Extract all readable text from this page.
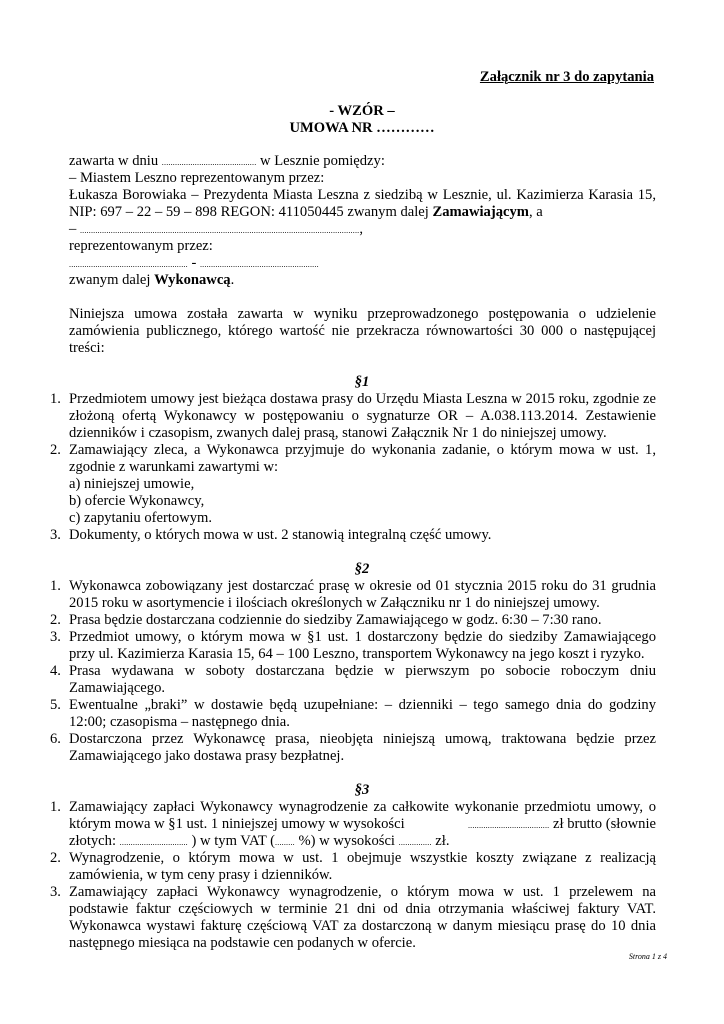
Załącznik nr 3 do zapytania
- WZÓR –
UMOWA NR …………
zawarta w dniu ........................................... w Lesznie pomiędzy:
– Miastem Leszno reprezentowanym przez:
Łukasza Borowiaka – Prezydenta Miasta Leszna z siedzibą w Lesznie, ul. Kazimierza Karasia 15,
NIP: 697 – 22 – 59 – 898 REGON: 411050445 zwanym dalej Zamawiającym, a
– ...............................................................................................................................,
reprezentowanym przez:
...................................................... - ......................................................
zwanym dalej Wykonawcą.
Niniejsza umowa została zawarta w wyniku przeprowadzonego postępowania o udzielenie
zamówienia publicznego, którego wartość nie przekracza równowartości 30 000 o następującej
treści:
§1
1. Przedmiotem umowy jest bieżąca dostawa prasy do Urzędu Miasta Leszna w 2015 roku, zgodnie ze
złożoną ofertą Wykonawcy w postępowaniu o sygnaturze OR – A.038.113.2014. Zestawienie
dzienników i czasopism, zwanych dalej prasą, stanowi Załącznik Nr 1 do niniejszej umowy.
2. Zamawiający zleca, a Wykonawca przyjmuje do wykonania zadanie, o którym mowa w ust. 1,
zgodnie z warunkami zawartymi w:
a) niniejszej umowie,
b) ofercie Wykonawcy,
c) zapytaniu ofertowym.
3. Dokumenty, o których mowa w ust. 2 stanowią integralną część umowy.
§2
1. Wykonawca zobowiązany jest dostarczać prasę w okresie od 01 stycznia 2015 roku do 31 grudnia
2015 roku w asortymencie i ilościach określonych w Załączniku nr 1 do niniejszej umowy.
2. Prasa będzie dostarczana codziennie do siedziby Zamawiającego w godz. 6:30 – 7:30 rano.
3. Przedmiot umowy, o którym mowa w §1 ust. 1 dostarczony będzie do siedziby Zamawiającego
przy ul. Kazimierza Karasia 15, 64 – 100 Leszno, transportem Wykonawcy na jego koszt i ryzyko.
4. Prasa wydawana w soboty dostarczana będzie w pierwszym po sobocie roboczym dniu
Zamawiającego.
5. Ewentualne „braki” w dostawie będą uzupełniane: – dzienniki – tego samego dnia do godziny
12:00; czasopisma – następnego dnia.
6. Dostarczona przez Wykonawcę prasa, nieobjęta niniejszą umową, traktowana będzie przez
Zamawiającego jako dostawa prasy bezpłatnej.
§3
1. Zamawiający zapłaci Wykonawcy wynagrodzenie za całkowite wykonanie przedmiotu umowy, o
którym mowa w §1 ust. 1 niniejszej umowy w wysokości	..................................... zł brutto (słownie
złotych: ............................... ) w tym VAT (......... %) w wysokości ............... zł.
2. Wynagrodzenie, o którym mowa w ust. 1 obejmuje wszystkie koszty związane z realizacją
zamówienia, w tym ceny prasy i dzienników.
3. Zamawiający zapłaci Wykonawcy wynagrodzenie, o którym mowa w ust. 1 przelewem na
podstawie faktur częściowych w terminie 21 dni od dnia otrzymania właściwej faktury VAT.
Wykonawca wystawi fakturę częściową VAT za dostarczoną w danym miesiącu prasę do 10 dnia
następnego miesiąca na podstawie cen podanych w ofercie.
Strona 1 z 4
